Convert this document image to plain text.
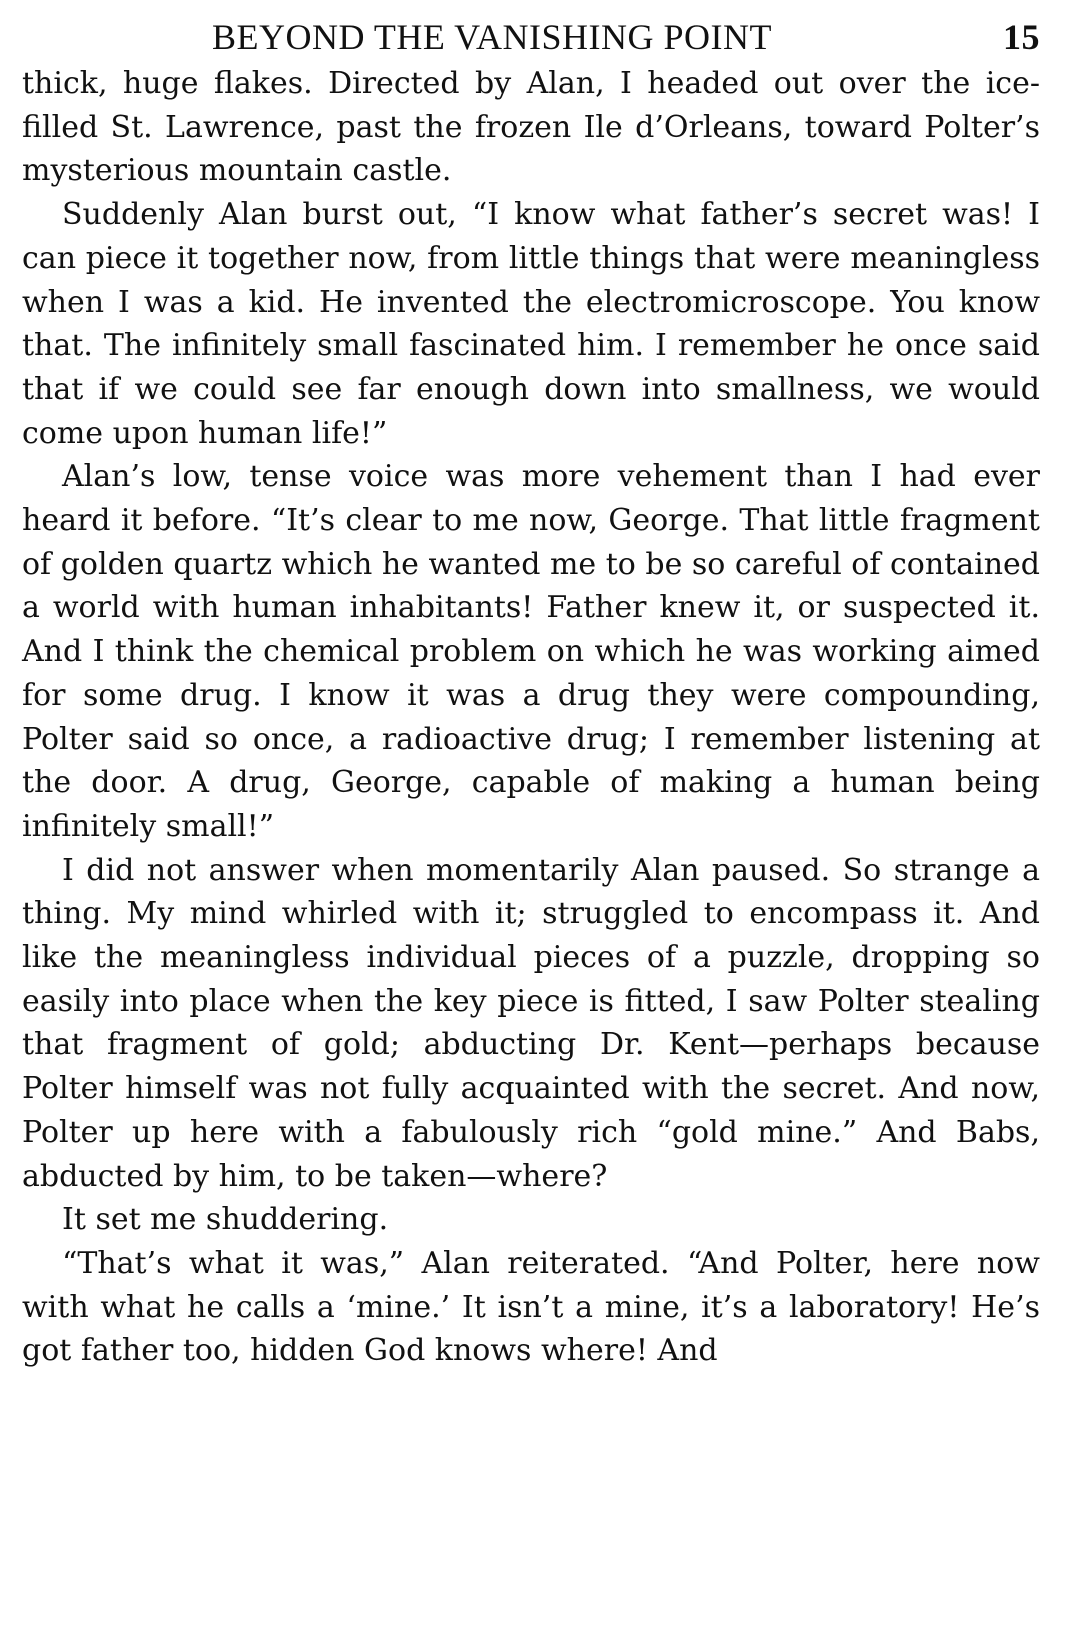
BEYOND THE VANISHING POINT	15

thick, huge flakes. Directed by Alan, I headed out over the ice-filled St. Lawrence, past the frozen Ile d’Orleans, toward Polter’s mysterious mountain castle.

Suddenly Alan burst out, “I know what father’s secret was! I can piece it together now, from little things that were meaningless when I was a kid. He invented the electromicroscope. You know that. The infinitely small fascinated him. I remember he once said that if we could see far enough down into smallness, we would come upon human life!”

Alan’s low, tense voice was more vehement than I had ever heard it before. “It’s clear to me now, George. That little fragment of golden quartz which he wanted me to be so careful of contained a world with human inhabitants! Father knew it, or suspected it. And I think the chemical problem on which he was working aimed for some drug. I know it was a drug they were compounding, Polter said so once, a radioactive drug; I remember listening at the door. A drug, George, capable of making a human being infinitely small!”

I did not answer when momentarily Alan paused. So strange a thing. My mind whirled with it; struggled to encompass it. And like the meaningless individual pieces of a puzzle, dropping so easily into place when the key piece is fitted, I saw Polter stealing that fragment of gold; abducting Dr. Kent—perhaps because Polter himself was not fully acquainted with the secret. And now, Polter up here with a fabulously rich “gold mine.” And Babs, abducted by him, to be taken—where?

It set me shuddering.

“That’s what it was,” Alan reiterated. “And Polter, here now with what he calls a ‘mine.’ It isn’t a mine, it’s a laboratory! He’s got father too, hidden God knows where! And
